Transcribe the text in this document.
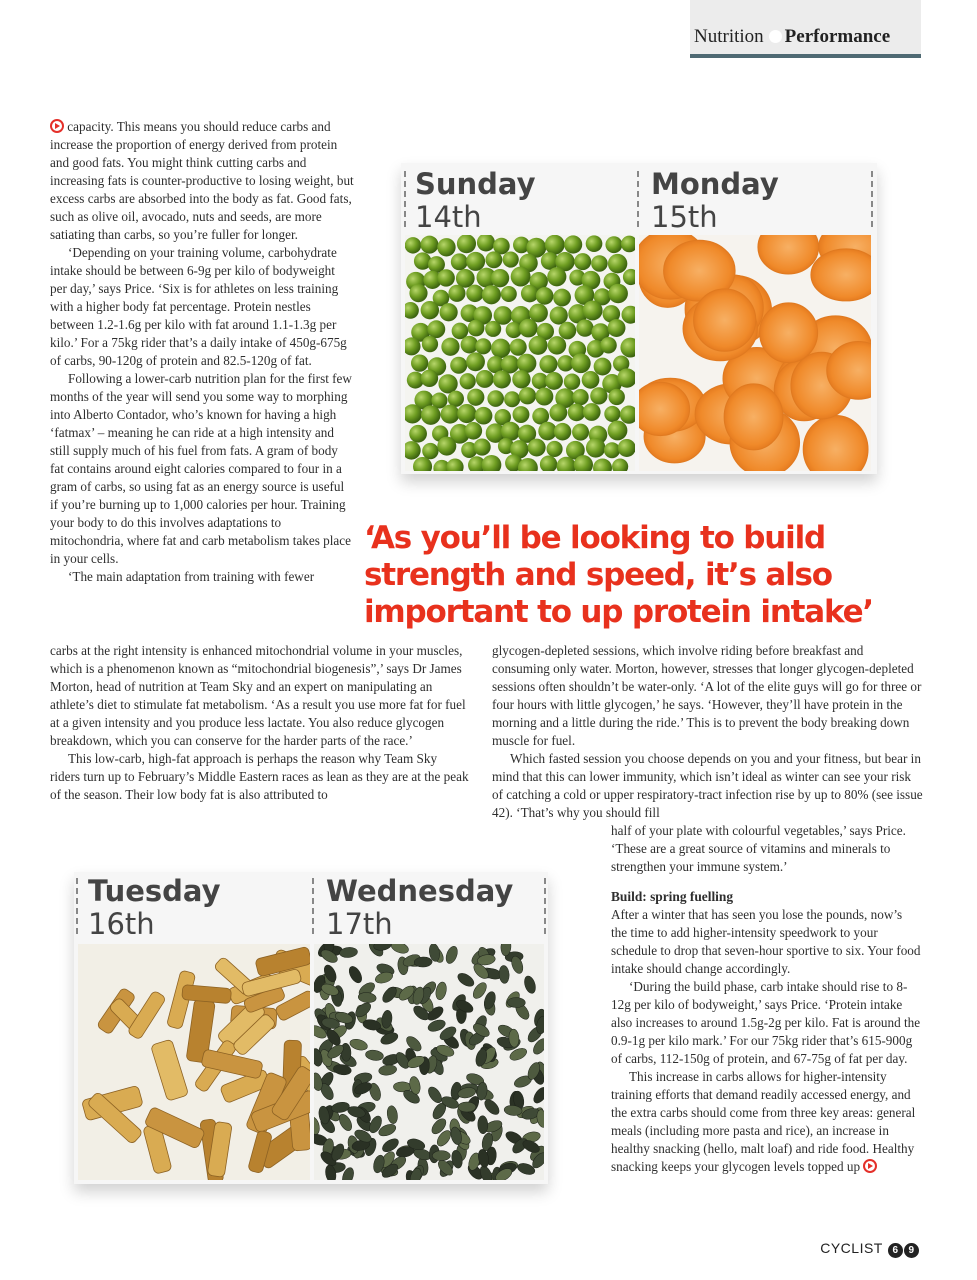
Nutrition Performance

capacity. This means you should reduce carbs and increase the proportion of energy derived from protein and good fats. You might think cutting carbs and increasing fats is counter-productive to losing weight, but excess carbs are absorbed into the body as fat. Good fats, such as olive oil, avocado, nuts and seeds, are more satiating than carbs, so you’re fuller for longer.

‘Depending on your training volume, carbohydrate intake should be between 6-9g per kilo of bodyweight per day,’ says Price. ‘Six is for athletes on less training with a higher body fat percentage. Protein nestles between 1.2-1.6g per kilo with fat around 1.1-1.3g per kilo.’ For a 75kg rider that’s a daily intake of 450g-675g of carbs, 90-120g of protein and 82.5-120g of fat.

Following a lower-carb nutrition plan for the first few months of the year will send you some way to morphing into Alberto Contador, who’s known for having a high ‘fatmax’ – meaning he can ride at a high intensity and still supply much of his fuel from fats. A gram of body fat contains around eight calories compared to four in a gram of carbs, so using fat as an energy source is useful if you’re burning up to 1,000 calories per hour. Training your body to do this involves adaptations to mitochondria, where fat and carb metabolism takes place in your cells.

‘The main adaptation from training with fewer

carbs at the right intensity is enhanced mitochondrial volume in your muscles, which is a phenomenon known as “mitochondrial biogenesis”,’ says Dr James Morton, head of nutrition at Team Sky and an expert on manipulating an athlete’s diet to stimulate fat metabolism. ‘As a result you use more fat for fuel at a given intensity and you produce less lactate. You also reduce glycogen breakdown, which you can conserve for the harder parts of the race.’

This low-carb, high-fat approach is perhaps the reason why Team Sky riders turn up to February’s Middle Eastern races as lean as they are at the peak of the season. Their low body fat is also attributed to

‘As you’ll be looking to build
strength and speed, it’s also
important to up protein intake’

glycogen-depleted sessions, which involve riding before breakfast and consuming only water. Morton, however, stresses that longer glycogen-depleted sessions often shouldn’t be water-only. ‘A lot of the elite guys will go for three or four hours with little glycogen,’ he says. ‘However, they’ll have protein in the morning and a little during the ride.’ This is to prevent the body breaking down muscle for fuel.

Which fasted session you choose depends on you and your fitness, but bear in mind that this can lower immunity, which isn’t ideal as winter can see your risk of catching a cold or upper respiratory-tract infection rise by up to 80% (see issue 42). ‘That’s why you should fill

half of your plate with colourful vegetables,’ says Price. ‘These are a great source of vitamins and minerals to strengthen your immune system.’

Build: spring fuelling

After a winter that has seen you lose the pounds, now’s the time to add higher-intensity speedwork to your schedule to drop that seven-hour sportive to six. Your food intake should change accordingly.

‘During the build phase, carb intake should rise to 8-12g per kilo of bodyweight,’ says Price. ‘Protein intake also increases to around 1.5g-2g per kilo. Fat is around the 0.9-1g per kilo mark.’ For our 75kg rider that’s 615-900g of carbs, 112-150g of protein, and 67-75g of fat per day.

This increase in carbs allows for higher-intensity training efforts that demand readily accessed energy, and the extra carbs should come from three key areas: general meals (including more pasta and rice), an increase in healthy snacking (hello, malt loaf) and ride food. Healthy snacking keeps your glycogen levels topped up

Sunday
14th
Monday
15th
Tuesday
16th
Wednesday
17th
CYCLIST 6 9
